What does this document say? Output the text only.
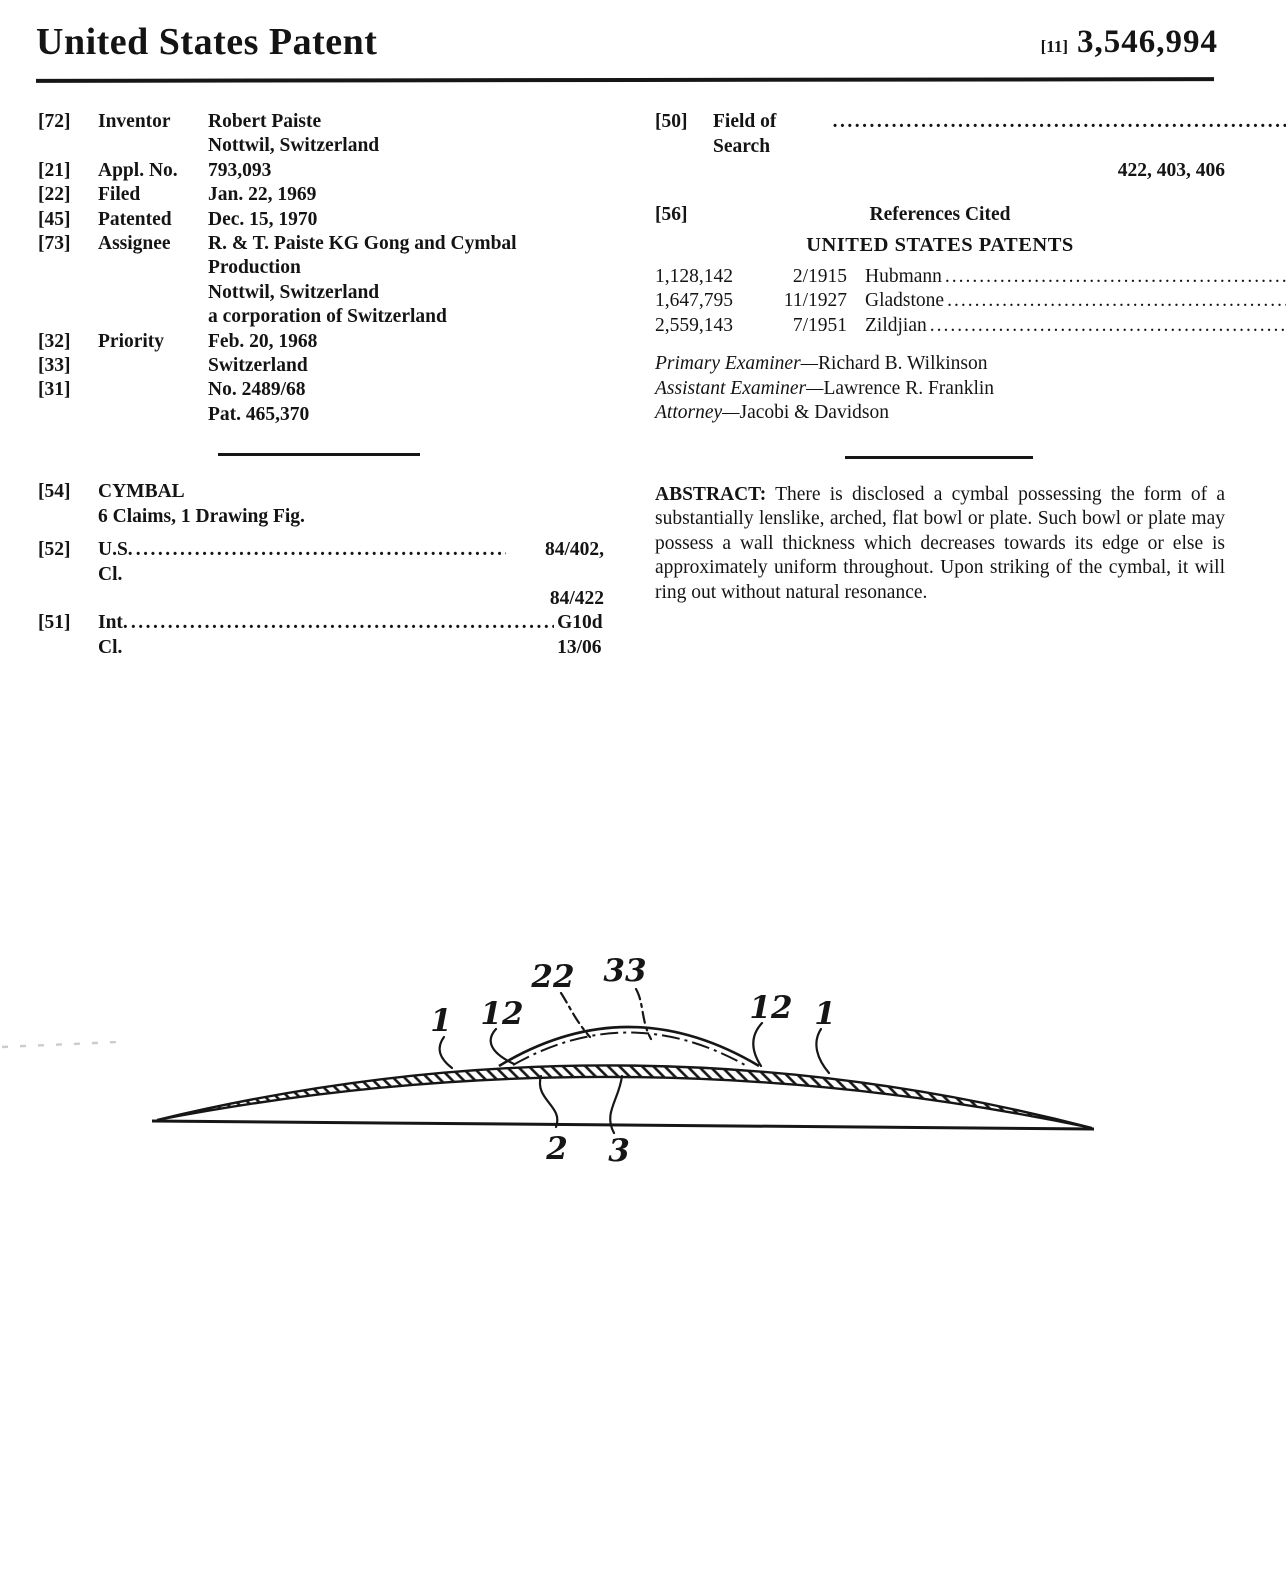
United States Patent	[11] 3,546,994
[72]	Inventor	Robert Paiste
Nottwil, Switzerland
[21]	Appl. No.	793,093
[22]	Filed	Jan. 22, 1969
[45]	Patented	Dec. 15, 1970
[73]	Assignee	R. & T. Paiste KG Gong and Cymbal
Production
Nottwil, Switzerland
a corporation of Switzerland
[32]	Priority	Feb. 20, 1968
[33]	Switzerland
[31]	No. 2489/68
Pat. 465,370
[54]	CYMBAL
6 Claims, 1 Drawing Fig.
[52]	U.S. Cl.
.....
84/402,
84/422
[51]	Int. Cl.
.....
G10d 13/06
[50]	Field of Search
.....
422, 403, 406
[56]	References Cited
UNITED STATES PATENTS
1,128,142	2/1915 Hubmann
.....
1,647,795	11/1927 Gladstone
.....
2,559,143	7/1951 Zildjian
.....
Primary Examiner—Richard B. Wilkinson
Assistant Examiner—Lawrence R. Franklin
Attorney—Jacobi & Davidson
ABSTRACT: There is disclosed a cymbal possessing the form of a substantially lenslike, arched, flat bowl or plate. Such bowl or plate may possess a wall thickness which decreases towards its edge or else is approximately uniform throughout. Upon striking of the cymbal, it will ring out without natural resonance.
1 12
22 33
12 1
2 3
